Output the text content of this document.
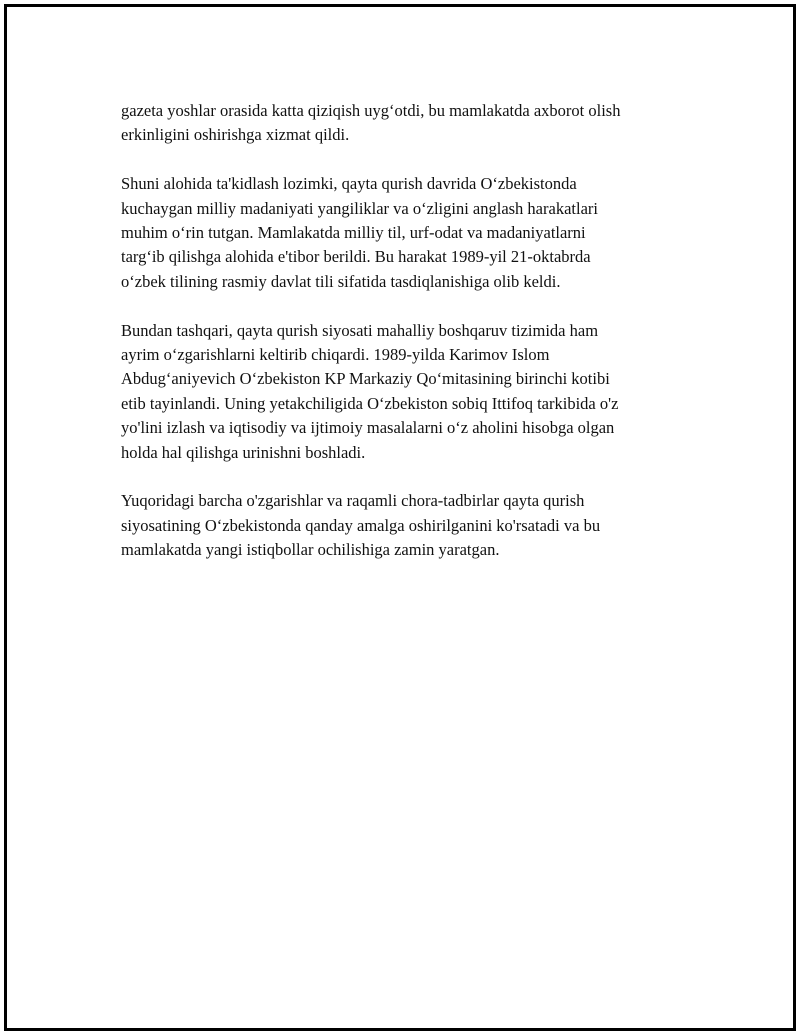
gazeta yoshlar orasida katta qiziqish uyg‘otdi, bu mamlakatda axborot olish
erkinligini oshirishga xizmat qildi.

Shuni alohida ta'kidlash lozimki, qayta qurish davrida O‘zbekistonda
kuchaygan milliy madaniyati yangiliklar va o‘zligini anglash harakatlari
muhim o‘rin tutgan. Mamlakatda milliy til, urf-odat va madaniyatlarni
targ‘ib qilishga alohida e'tibor berildi. Bu harakat 1989-yil 21-oktabrda
o‘zbek tilining rasmiy davlat tili sifatida tasdiqlanishiga olib keldi.

Bundan tashqari, qayta qurish siyosati mahalliy boshqaruv tizimida ham
ayrim o‘zgarishlarni keltirib chiqardi. 1989-yilda Karimov Islom
Abdug‘aniyevich O‘zbekiston KP Markaziy Qo‘mitasining birinchi kotibi
etib tayinlandi. Uning yetakchiligida O‘zbekiston sobiq Ittifoq tarkibida o'z
yo'lini izlash va iqtisodiy va ijtimoiy masalalarni o‘z aholini hisobga olgan
holda hal qilishga urinishni boshladi.

Yuqoridagi barcha o'zgarishlar va raqamli chora-tadbirlar qayta qurish
siyosatining O‘zbekistonda qanday amalga oshirilganini ko'rsatadi va bu
mamlakatda yangi istiqbollar ochilishiga zamin yaratgan.
